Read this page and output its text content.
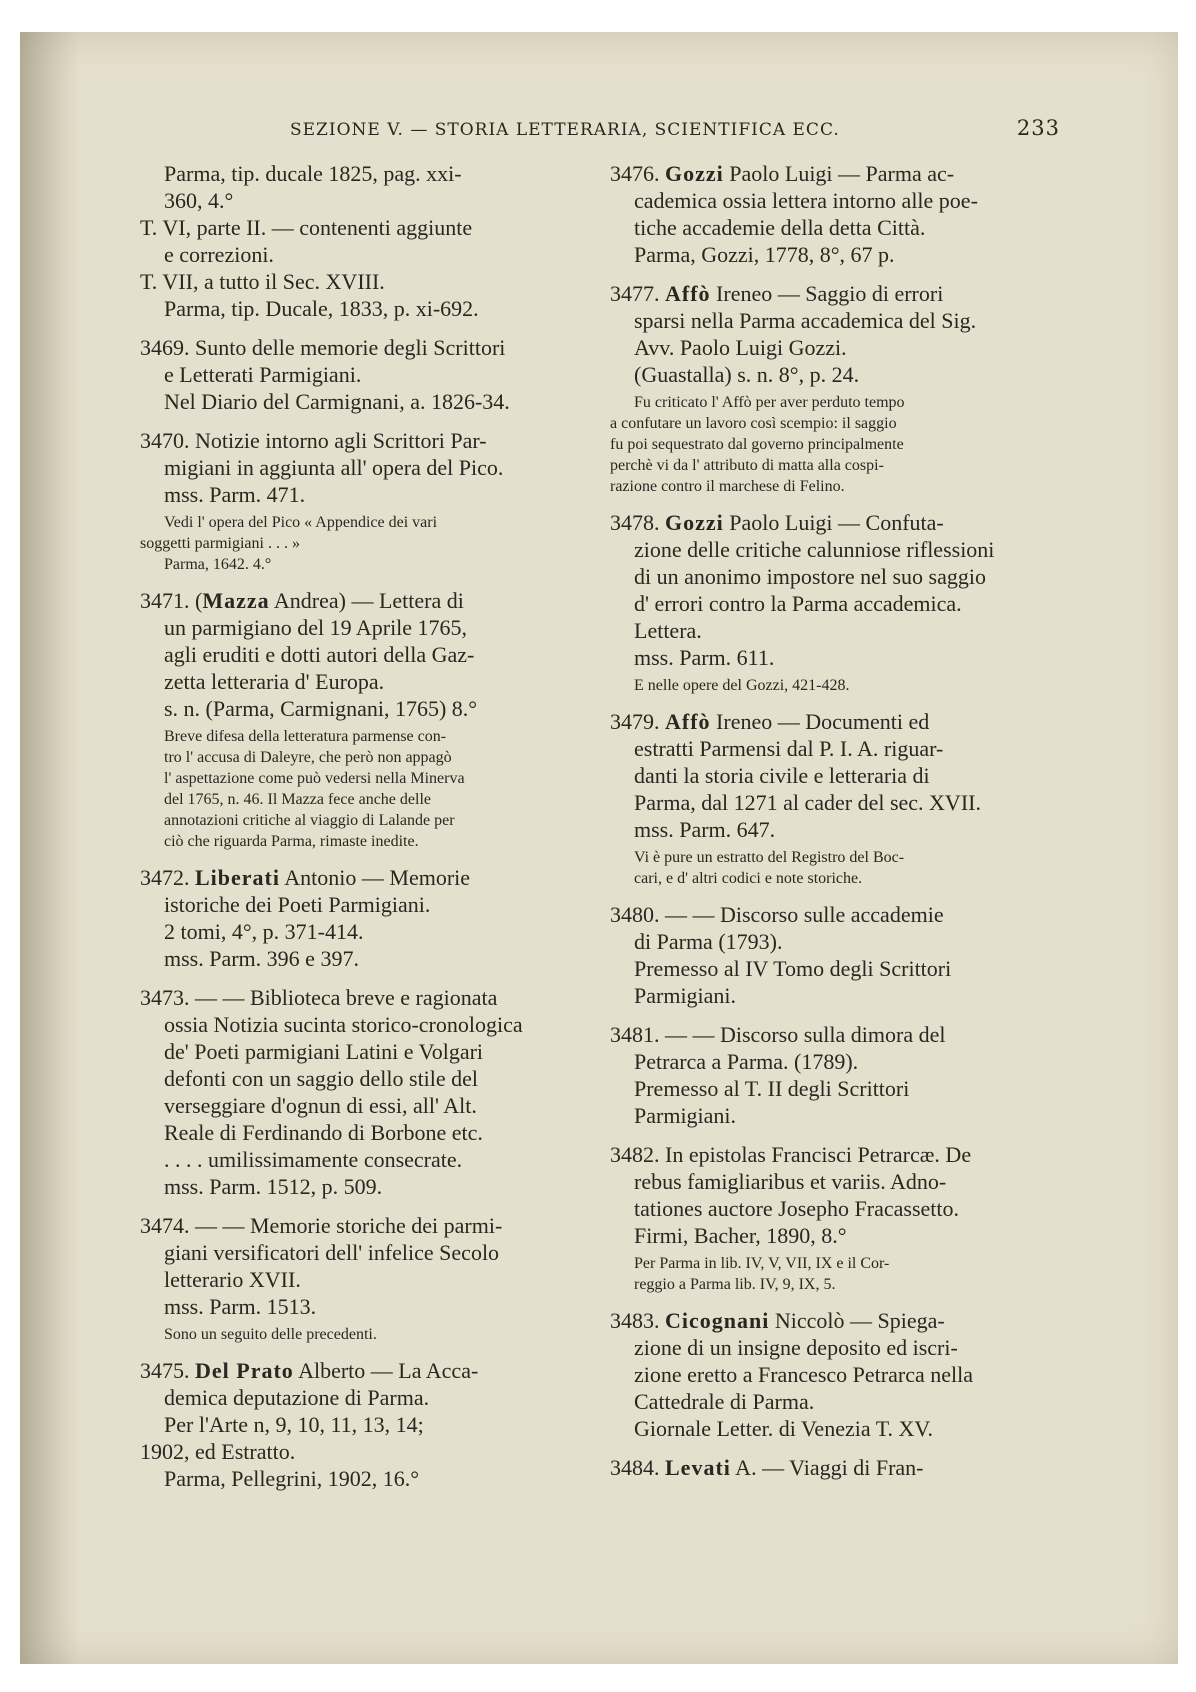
SEZIONE V. — STORIA LETTERARIA, SCIENTIFICA ECC.	233
Parma, tip. ducale 1825, pag. xxi-
360, 4.°
T. VI, parte II. — contenenti aggiunte
e correzioni.
T. VII, a tutto il Sec. XVIII.
Parma, tip. Ducale, 1833, p. xi-692.
3469. Sunto delle memorie degli Scrittori
e Letterati Parmigiani.
Nel Diario del Carmignani, a. 1826-34.
3470. Notizie intorno agli Scrittori Par-
migiani in aggiunta all' opera del Pico.
mss. Parm. 471.
Vedi l' opera del Pico « Appendice dei vari
soggetti parmigiani . . . »
Parma, 1642. 4.°
3471. (Mazza Andrea) — Lettera di
un parmigiano del 19 Aprile 1765,
agli eruditi e dotti autori della Gaz-
zetta letteraria d' Europa.
s. n. (Parma, Carmignani, 1765) 8.°
Breve difesa della letteratura parmense con-
tro l' accusa di Daleyre, che però non appagò
l' aspettazione come può vedersi nella Minerva
del 1765, n. 46. Il Mazza fece anche delle
annotazioni critiche al viaggio di Lalande per
ciò che riguarda Parma, rimaste inedite.
3472. Liberati Antonio — Memorie
istoriche dei Poeti Parmigiani.
2 tomi, 4°, p. 371-414.
mss. Parm. 396 e 397.
3473. — — Biblioteca breve e ragionata
ossia Notizia sucinta storico-cronologica
de' Poeti parmigiani Latini e Volgari
defonti con un saggio dello stile del
verseggiare d'ognun di essi, all' Alt.
Reale di Ferdinando di Borbone etc.
. . . . umilissimamente consecrate.
mss. Parm. 1512, p. 509.
3474. — — Memorie storiche dei parmi-
giani versificatori dell' infelice Secolo
letterario XVII.
mss. Parm. 1513.
Sono un seguito delle precedenti.
3475. Del Prato Alberto — La Acca-
demica deputazione di Parma.
Per l'Arte n, 9, 10, 11, 13, 14;
1902, ed Estratto.
Parma, Pellegrini, 1902, 16.°
3476. Gozzi Paolo Luigi — Parma ac-
cademica ossia lettera intorno alle poe-
tiche accademie della detta Città.
Parma, Gozzi, 1778, 8°, 67 p.
3477. Affò Ireneo — Saggio di errori
sparsi nella Parma accademica del Sig.
Avv. Paolo Luigi Gozzi.
(Guastalla) s. n. 8°, p. 24.
Fu criticato l' Affò per aver perduto tempo
a confutare un lavoro così scempio: il saggio
fu poi sequestrato dal governo principalmente
perchè vi da l' attributo di matta alla cospi-
razione contro il marchese di Felino.
3478. Gozzi Paolo Luigi — Confuta-
zione delle critiche calunniose riflessioni
di un anonimo impostore nel suo saggio
d' errori contro la Parma accademica.
Lettera.
mss. Parm. 611.
E nelle opere del Gozzi, 421-428.
3479. Affò Ireneo — Documenti ed
estratti Parmensi dal P. I. A. riguar-
danti la storia civile e letteraria di
Parma, dal 1271 al cader del sec. XVII.
mss. Parm. 647.
Vi è pure un estratto del Registro del Boc-
cari, e d' altri codici e note storiche.
3480. — — Discorso sulle accademie
di Parma (1793).
Premesso al IV Tomo degli Scrittori
Parmigiani.
3481. — — Discorso sulla dimora del
Petrarca a Parma. (1789).
Premesso al T. II degli Scrittori
Parmigiani.
3482. In epistolas Francisci Petrarcæ. De
rebus famigliaribus et variis. Adno-
tationes auctore Josepho Fracassetto.
Firmi, Bacher, 1890, 8.°
Per Parma in lib. IV, V, VII, IX e il Cor-
reggio a Parma lib. IV, 9, IX, 5.
3483. Cicognani Niccolò — Spiega-
zione di un insigne deposito ed iscri-
zione eretto a Francesco Petrarca nella
Cattedrale di Parma.
Giornale Letter. di Venezia T. XV.
3484. Levati A. — Viaggi di Fran-
